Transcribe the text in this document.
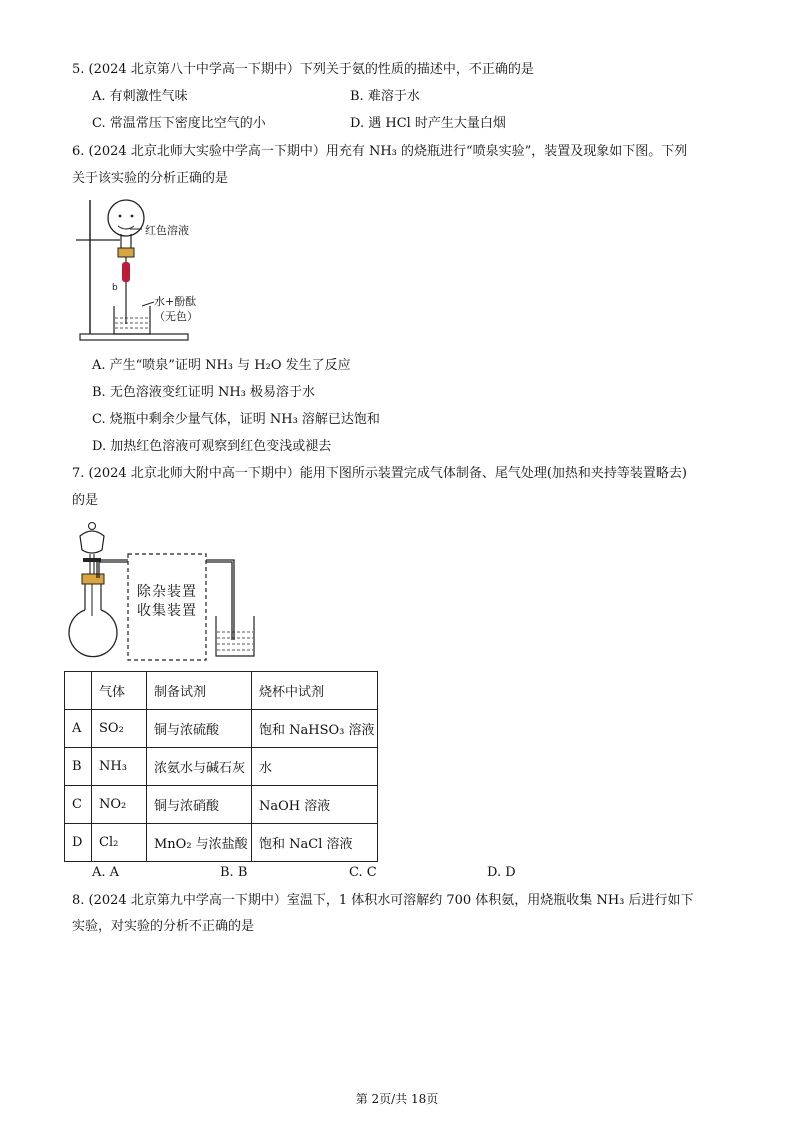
5. (2024 北京第八十中学高一下期中）下列关于氨的性质的描述中，不正确的是
A. 有刺激性气味	B. 难溶于水
C. 常温常压下密度比空气的小	D. 遇 HCl 时产生大量白烟
6. (2024 北京北师大实验中学高一下期中）用充有 NH₃ 的烧瓶进行“喷泉实验”，装置及现象如下图。下列
关于该实验的分析正确的是
b
红色溶液
水+酚酞
（无色）
A. 产生“喷泉”证明 NH₃ 与 H₂O 发生了反应
B. 无色溶液变红证明 NH₃ 极易溶于水
C. 烧瓶中剩余少量气体，证明 NH₃ 溶解已达饱和
D. 加热红色溶液可观察到红色变浅或褪去
7. (2024 北京北师大附中高一下期中）能用下图所示装置完成气体制备、尾气处理(加热和夹持等装置略去)
的是
除杂装置
收集装置
	气体	制备试剂	烧杯中试剂
A	SO₂	铜与浓硫酸	饱和 NaHSO₃ 溶液
B	NH₃	浓氨水与碱石灰	水
C	NO₂	铜与浓硝酸	NaOH 溶液
D	Cl₂	MnO₂ 与浓盐酸	饱和 NaCl 溶液
A. A	B. B	C. C	D. D
8. (2024 北京第九中学高一下期中）室温下，1 体积水可溶解约 700 体积氨，用烧瓶收集 NH₃ 后进行如下
实验，对实验的分析不正确的是
第 2页/共 18页
